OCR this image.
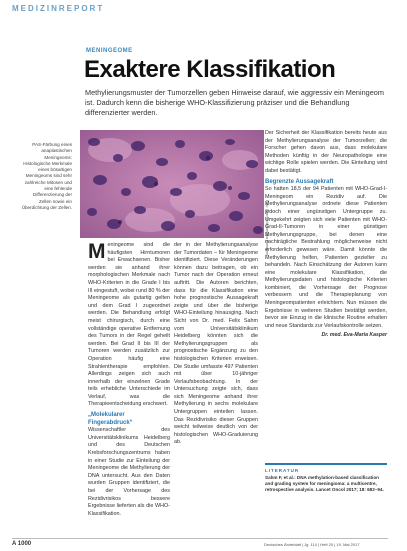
MEDIZINREPORT
MENINGEOME
Exaktere Klassifikation
Methylierungsmuster der Tumorzellen geben Hinweise darauf, wie aggressiv ein Meningeom ist. Dadurch kenn die bisherige WHO-Klassifizierung präziser und die Behandlung differenzierter werden.
PAS-Färbung eines anaplastischen Meningeoms: Histologische Merkmale eines bösartigen Meningeoms sind sehr zahlreiche Mitosen und eine fehlende Differenzierung der Zellen sowie ein Überdichtung der Zellen.	Foto: Gaerner/Wikimedia Commons
M eningeome sind die häufigsten Hirntumoren bei Erwachsenen. Bisher werden sie anhand ihrer morphologischen Merkmale nach WHO-Kriterien in die Grade I bis III eingestuft, wobei rund 80 % der Meningeome als gutartig gelten und dem Grad I zugeordnet werden. Die Behandlung erfolgt meist chirurgisch, durch eine vollständige operative Entfernung des Tumors in der Regel geheilt werden. Bei Grad II bis III der Tumoren werden zusätzlich zur Operation häufig eine Strahlentherapie empfohlen. Allerdings zeigen sich auch innerhalb der einzelnen Grade teils erhebliche Unterschiede im Verlauf, was die Therapieentscheidung erschwert.
„Molekularer Fingerabdruck“
Wissenschaftler des Universitätsklinikums Heidelberg und des Deutschen Krebsforschungszentrums haben in einer Studie zur Einteilung der Meningeome die Methylierung der DNA untersucht. Aus den Daten wurden Gruppen identifiziert, die bei der Vorhersage des Rezidivrisikos bessere Ergebnisse lieferten als die WHO-Klassifikation.
der in der Methylierungsanalyse der Tumordaten – für Meningeome identifiziert. Diese Veränderungen können dazu beitragen, ob ein Tumor nach der Operation erneut auftritt. Die Autoren berichten, dass für die Klassifikation eine hohe prognostische Aussagekraft zeigte und über die bisherige WHO-Einteilung hinausging. Nach Sicht von Dr. med. Felix Sahm vom Universitätsklinikum Heidelberg könnten sich die Methylierungsgruppen als prognostische Ergänzung zu den histologischen Kriterien erweisen. Die Studie umfasste 497 Patienten mit über 10-jähriger Verlaufsbeobachtung. In der Untersuchung zeigte sich, dass sich Meningeome anhand ihrer Methylierung in sechs molekulare Untergruppen einteilen lassen. Das Rezidivrisiko dieser Gruppen weicht teilweise deutlich von der histologischen WHO-Graduierung ab.
Der Sicherheit der Klassifikation bereits heute aus der Methylierungsanalyse der Tumorzellen; die Forscher gehen davon aus, dass molekulare Methoden künftig in der Neuropathologie eine wichtige Rolle spielen werden. Die Einteilung wird dabei bestätigt.
Begrenzte Aussagekraft
So hatten 18,5 der 94 Patienten mit WHO-Grad-I-Meningeom ein Rezidiv auf. Die Methylierungsanalyse ordnete diese Patienten jedoch einer ungünstigen Untergruppe zu. Umgekehrt zeigten sich viele Patienten mit WHO-Grad-II-Tumoren in einer günstigen Methylierungsgruppe, bei denen eine nachträgliche Bestrahlung möglicherweise nicht erforderlich gewesen wäre. Damit könnte die Methylierung helfen, Patienten gezielter zu behandeln. Nach Einschätzung der Autoren kann eine molekulare Klassifikation, die Methylierungsdaten und histologische Kriterien kombiniert, die Vorhersage der Prognose verbessern und die Therapieplanung von Meningeompatienten erleichtern. Nun müssen die Ergebnisse in weiteren Studien bestätigt werden, bevor sie Einzug in die klinische Routine erhalten und neue Standards zur Verlaufskontrolle setzen.
Dr. med. Eva-Maria Kasper
LITERATUR
Sahm F, et al.: DNA methylation-based classification and grading system for meningioma: a multicentre, retrospective analysis. Lancet Oncol 2017; 18: 682–94.
A 1000	Deutsches Ärzteblatt | Jg. 114 | Heft 20 | 19. Mai 2017
